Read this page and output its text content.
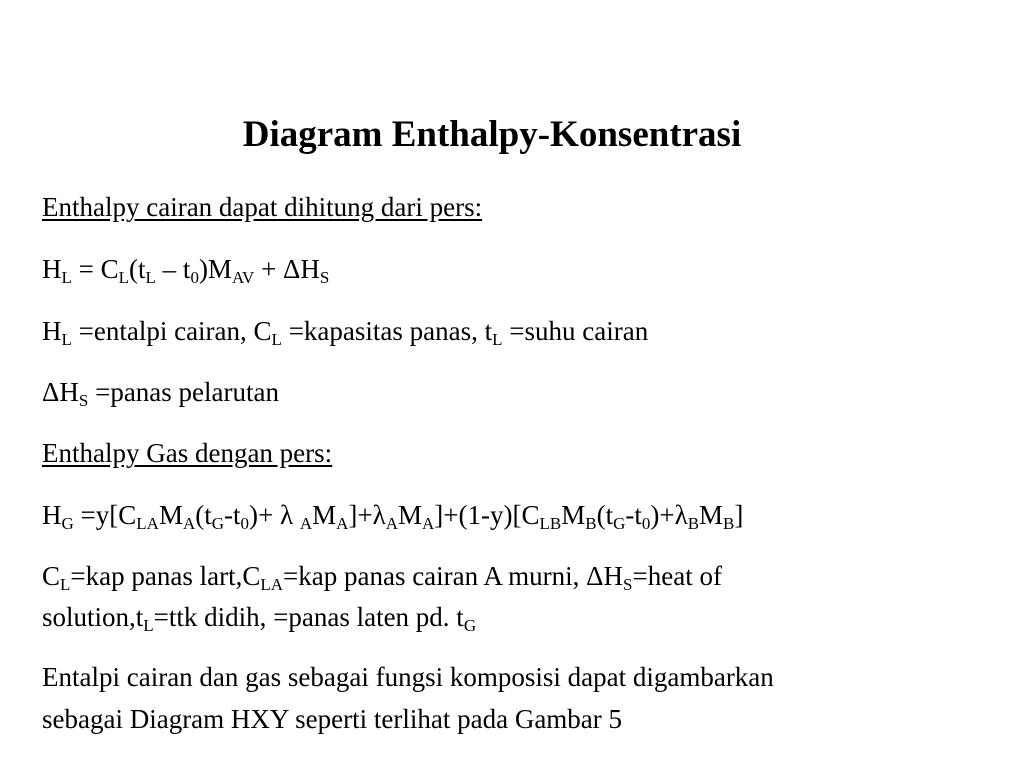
Diagram Enthalpy-Konsentrasi
Enthalpy cairan dapat dihitung dari pers:
$H_L = C_L(t_L - t_0)M_{AV} + \Delta H_S$
$H_L$ =entalpi cairan, $C_L$ =kapasitas panas, $t_L$ =suhu cairan
$\Delta H_S$ =panas pelarutan
Enthalpy Gas dengan pers:
$H_G =y[C_{LA}M_A(t_G-t_0)+ \lambda$ $_AM_A]+\lambda_AM_A]+(1-y)[C_{LB}M_B(t_G-t_0)+\lambda_BM_B]$
$C_L=kap$ panas $lart,C_{LA}=kap$ panas cairan A murni, $\Delta H_S=heat$ of
$solution,t_L=ttk$ didih, =panas laten pd. $t_G$
Entalpi cairan dan gas sebagai fungsi komposisi dapat digambarkan
sebagai Diagram HXY seperti terlihat pada Gambar 5
